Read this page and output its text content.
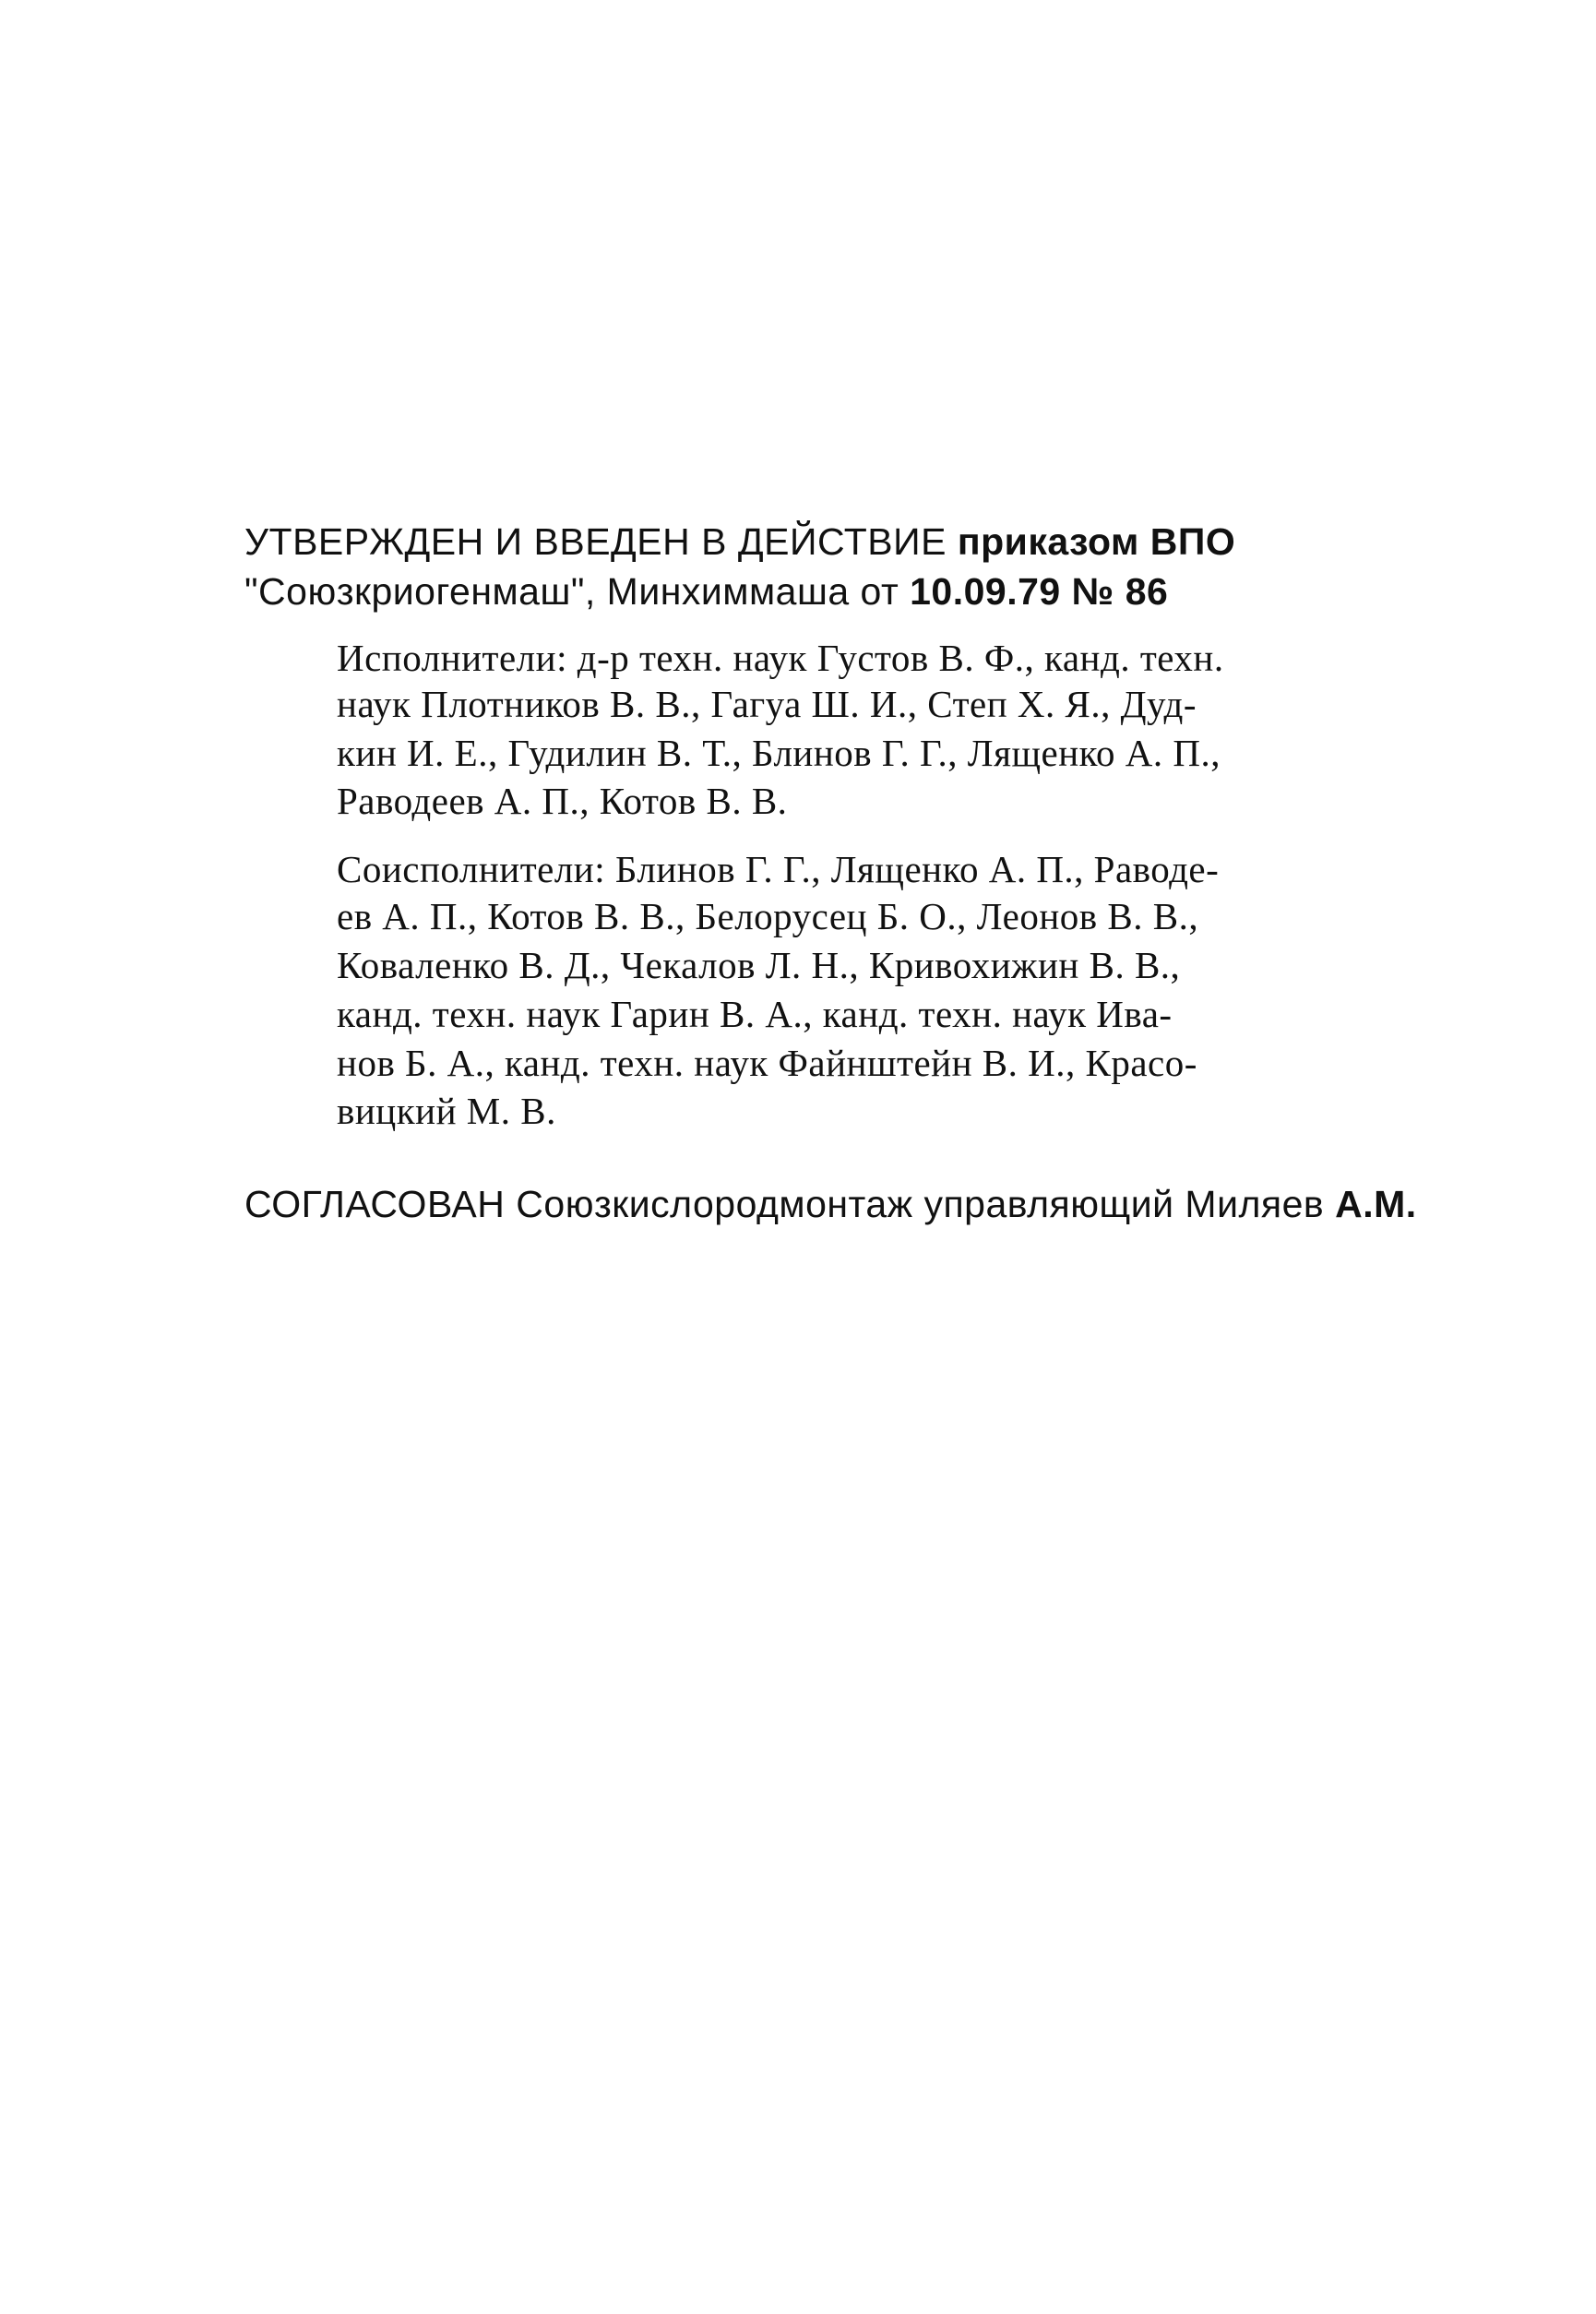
УТВЕРЖДЕН И ВВЕДЕН В ДЕЙСТВИЕ приказом ВПО
"Союзкриогенмаш", Минхиммаша от 10.09.79 № 86
Исполнители: д-р техн. наук Густов В. Ф., канд. техн.
наук Плотников В. В., Гагуа Ш. И., Степ Х. Я., Дуд-
кин И. Е., Гудилин В. Т., Блинов Г. Г., Лященко А. П.,
Раводеев А. П., Котов В. В.
Соисполнители: Блинов Г. Г., Лященко А. П., Раводе-
ев А. П., Котов В. В., Белорусец Б. О., Леонов В. В.,
Коваленко В. Д., Чекалов Л. Н., Кривохижин В. В.,
канд. техн. наук Гарин В. А., канд. техн. наук Ива-
нов Б. А., канд. техн. наук Файнштейн В. И., Красо-
вицкий М. В.
СОГЛАСОВАН Союзкислородмонтаж управляющий Миляев А.М.
